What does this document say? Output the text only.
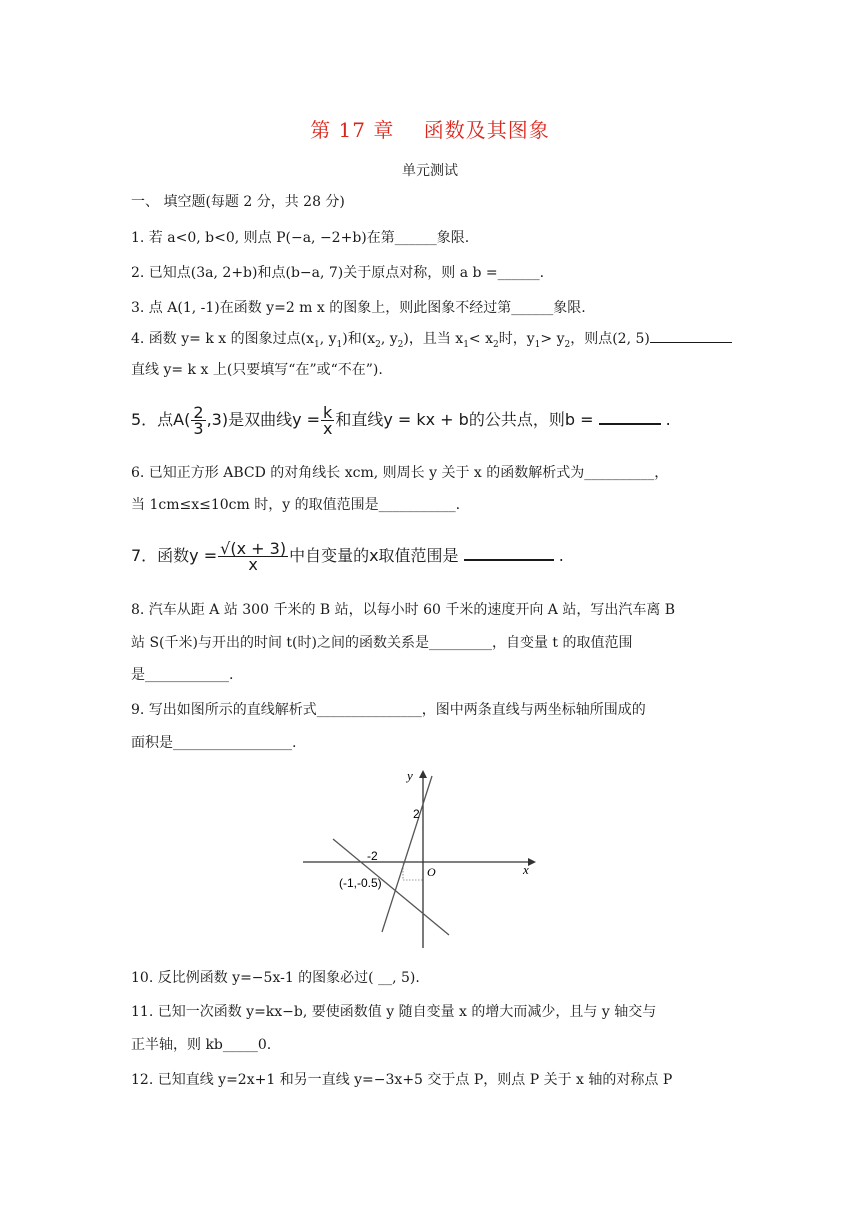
第 17 章    函数及其图象
单元测试
一、 填空题(每题 2 分，共 28 分)
1. 若 a<0, b<0, 则点 P(−a, −2+b)在第______象限.
2. 已知点(3a, 2+b)和点(b−a, 7)关于原点对称，则 a b =______.
3. 点 A(1, -1)在函数 y=2 m x 的图象上，则此图象不经过第______象限.
4. 函数 y= k x 的图象过点($x_1$, $y_1$)和($x_2$, $y_2$)，且当 $x_1< x_2$时，$y_1> y_2$，则点(2, 5)
直线 y= k x 上(只要填写“在”或“不在”).
5．点$A( \frac{2}{3} ,3)$是双曲线$y = \frac{k}{x}$ 和直线y = kx + b的公共点，则b =	.
6. 已知正方形 ABCD 的对角线长 xcm, 则周长 y 关于 x 的函数解析式为__________，
当 1cm≤x≤10cm 时，y 的取值范围是___________.
7．函数$y = \frac{√(x + 3)}{x}$ 中自变量的x取值范围是	.
8. 汽车从距 A 站 300 千米的 B 站，以每小时 60 千米的速度开向 A 站，写出汽车离 B
站 S(千米)与开出的时间 t(时)之间的函数关系是_________，自变量 t 的取值范围
是____________.
9. 写出如图所示的直线解析式_______________，图中两条直线与两坐标轴所围成的
面积是_________________.
y
x
O
2
-2
(-1,-0.5)
10. 反比例函数 y=−5x-1 的图象必过( __, 5).
11. 已知一次函数 y=kx−b, 要使函数值 y 随自变量 x 的增大而减少，且与 y 轴交与
正半轴，则 kb_____0.
12. 已知直线 y=2x+1 和另一直线 y=−3x+5 交于点 P，则点 P 关于 x 轴的对称点 P
